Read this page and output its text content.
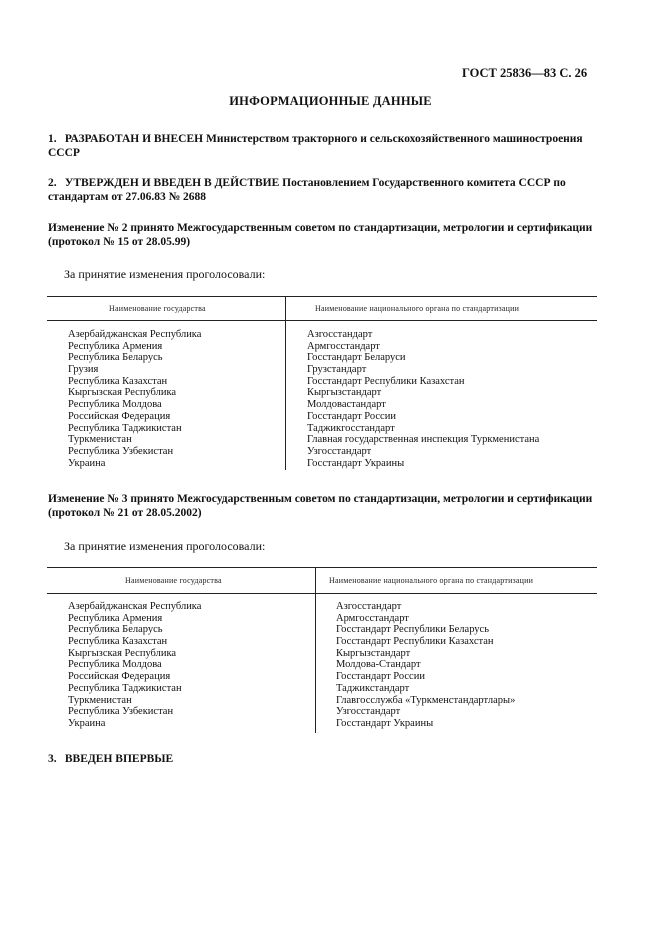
ГОСТ 25836—83 С. 26
ИНФОРМАЦИОННЫЕ ДАННЫЕ
1. РАЗРАБОТАН И ВНЕСЕН Министерством тракторного и сельскохозяйственного машиностроения СССР
2. УТВЕРЖДЕН И ВВЕДЕН В ДЕЙСТВИЕ Постановлением Государственного комитета СССР по стандартам от 27.06.83 № 2688
Изменение № 2 принято Межгосударственным советом по стандартизации, метрологии и сертификации (протокол № 15 от 28.05.99)
За принятие изменения проголосовали:
Наименование государства	Наименование национального органа по стандартизации
Азербайджанская Республика
Республика Армения
Республика Беларусь
Грузия
Республика Казахстан
Кыргызская Республика
Республика Молдова
Российская Федерация
Республика Таджикистан
Туркменистан
Республика Узбекистан
Украина
Азгосстандарт
Армгосстандарт
Госстандарт Беларуси
Грузстандарт
Госстандарт Республики Казахстан
Кыргызстандарт
Молдовастандарт
Госстандарт России
Таджикгосстандарт
Главная государственная инспекция Туркменистана
Узгосстандарт
Госстандарт Украины
Изменение № 3 принято Межгосударственным советом по стандартизации, метрологии и сертификации (протокол № 21 от 28.05.2002)
За принятие изменения проголосовали:
Наименование государства	Наименование национального органа по стандартизации
Азербайджанская Республика
Республика Армения
Республика Беларусь
Республика Казахстан
Кыргызская Республика
Республика Молдова
Российская Федерация
Республика Таджикистан
Туркменистан
Республика Узбекистан
Украина
Азгосстандарт
Армгосстандарт
Госстандарт Республики Беларусь
Госстандарт Республики Казахстан
Кыргызстандарт
Молдова-Стандарт
Госстандарт России
Таджикстандарт
Главгосслужба «Туркменстандартлары»
Узгосстандарт
Госстандарт Украины
3. ВВЕДЕН ВПЕРВЫЕ
